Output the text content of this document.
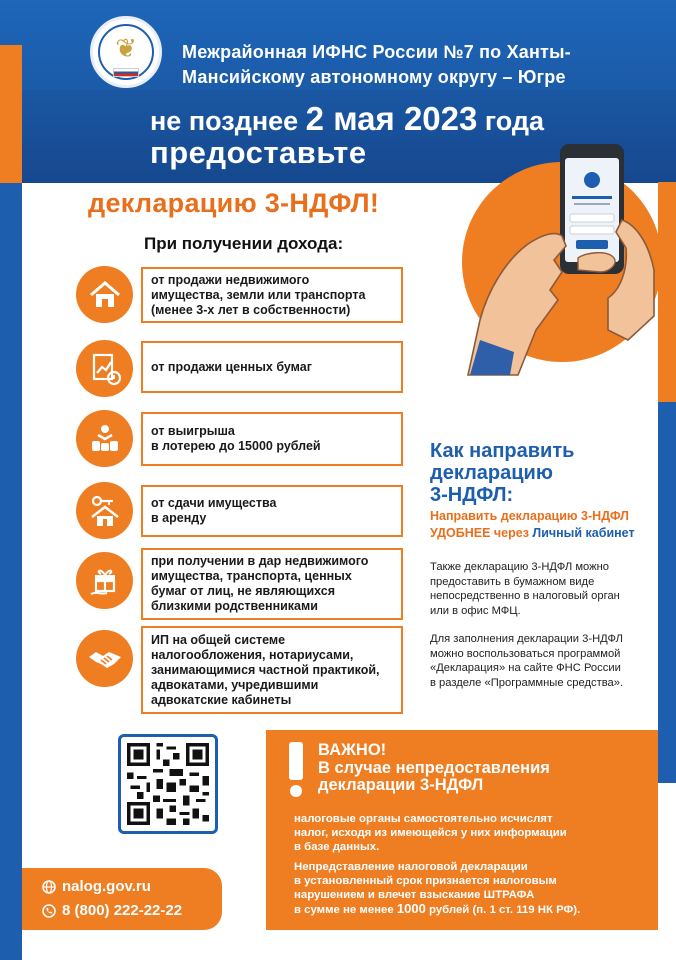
❦	Межрайонная ИФНС России №7 по Ханты-
Мансийскому автономному округу – Югре
не позднее 2 мая 2023 года
предоставьте
декларацию 3-НДФЛ!
При получении дохода:
от продажи недвижимого
имущества, земли или транспорта
(менее 3-х лет в собственности)
от продажи ценных бумаг
от выигрыша
в лотерею до 15000 рублей
от сдачи имущества
в аренду
при получении в дар недвижимого
имущества, транспорта, ценных
бумаг от лиц, не являющихся
близкими родственниками
ИП на общей системе
налогообложения, нотариусами,
занимающимися частной практикой,
адвокатами, учредившими
адвокатские кабинеты
Как направить
декларацию
3-НДФЛ:
Направить декларацию 3-НДФЛ
УДОБНЕЕ через Личный кабинет
Также декларацию 3-НДФЛ можно
предоставить в бумажном виде
непосредственно в налоговый орган
или в офис МФЦ.
Для заполнения декларации 3-НДФЛ
можно воспользоваться программой
«Декларация» на сайте ФНС России
в разделе «Программные средства».
nalog.gov.ru
8 (800) 222-22-22
ВАЖНО!
В случае непредоставления
декларации 3-НДФЛ
налоговые органы самостоятельно исчислят
налог, исходя из имеющейся у них информации
в базе данных.
Непредставление налоговой декларации
в установленный срок признается налоговым
нарушением и влечет взыскание ШТРАФА
в сумме не менее 1000 рублей (п. 1 ст. 119 НК РФ).
